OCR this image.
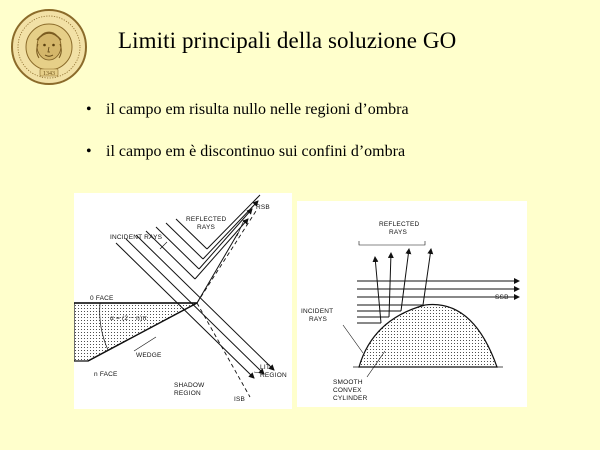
1343
Limiti principali della soluzione GO
• il campo em risulta nullo nelle regioni d’ombra
• il campo em è discontinuo sui confini d’ombra
RSB
REFLECTED
RAYS
INCIDENT RAYS
0 FACE
α = (2 − n)π
WEDGE
n FACE
LIT
REGION
SHADOW
REGION
ISB
REFLECTED
RAYS
SSB
INCIDENT
RAYS
SMOOTH
CONVEX
CYLINDER
